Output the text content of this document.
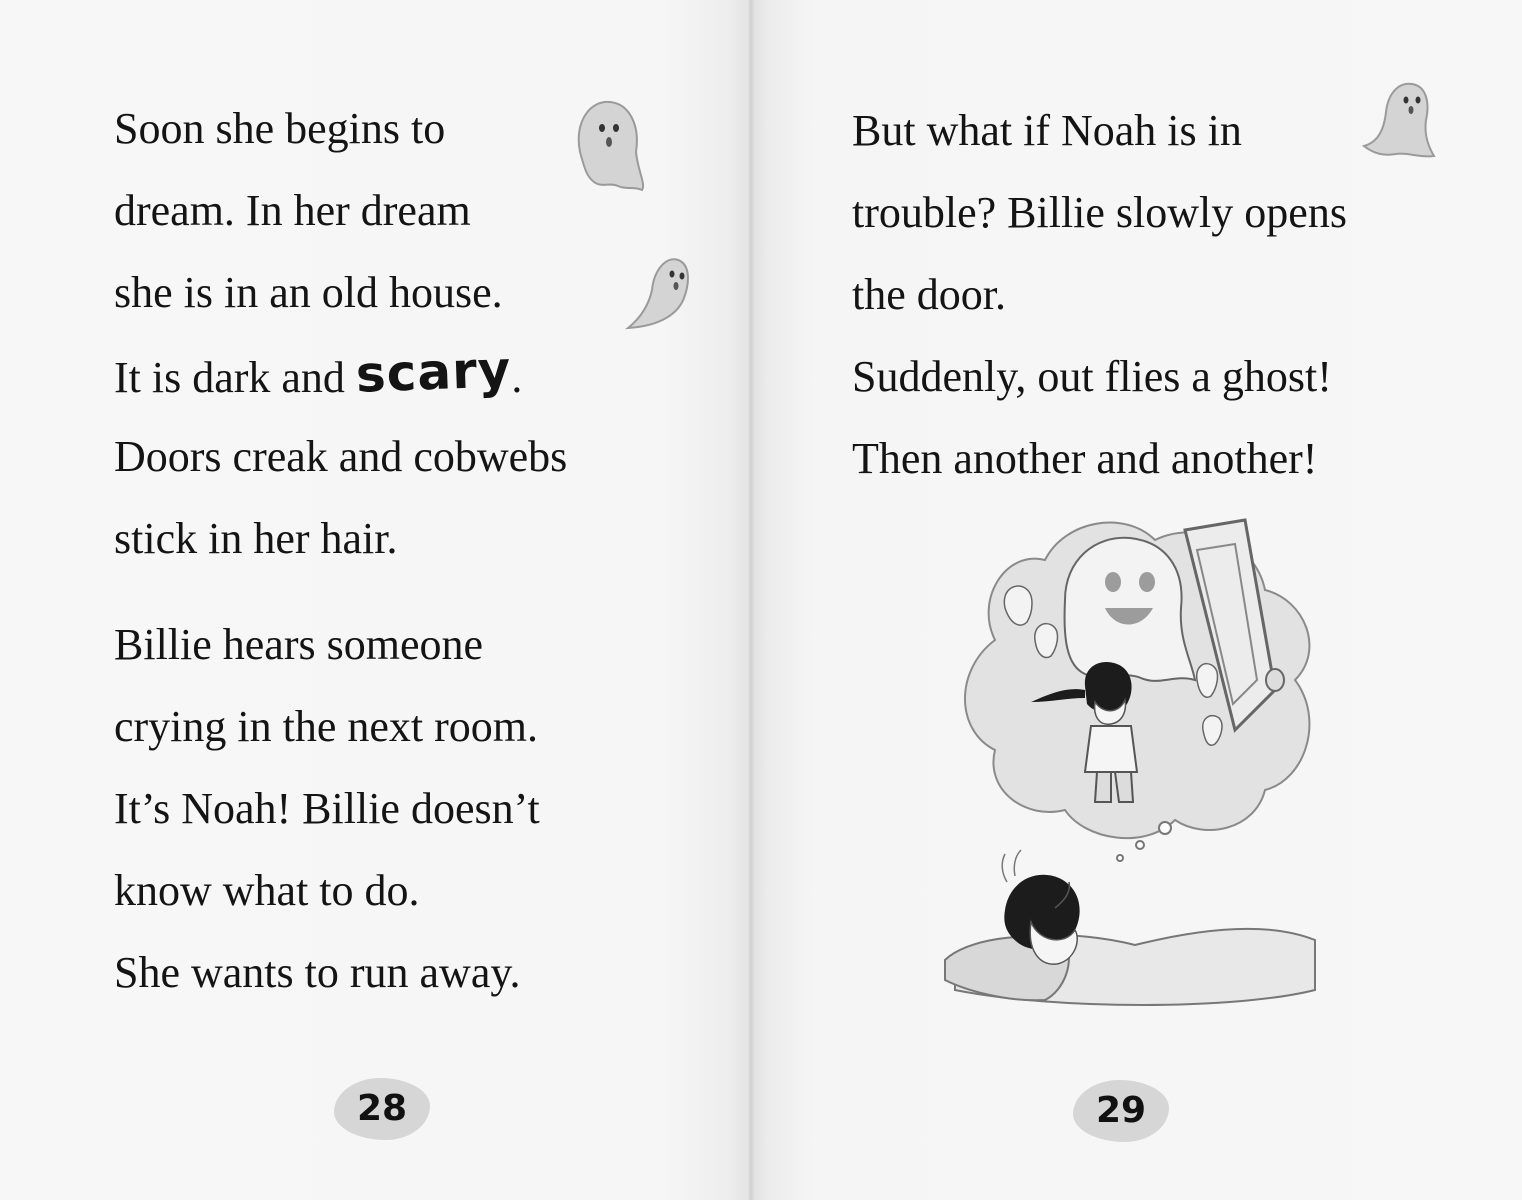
Soon she begins to
dream. In her dream
she is in an old house.
It is dark and scary.
Doors creak and cobwebs
stick in her hair.
Billie hears someone
crying in the next room.
It’s Noah! Billie doesn’t
know what to do.
She wants to run away.
But what if Noah is in
trouble? Billie slowly opens
the door.
Suddenly, out flies a ghost!
Then another and another!
28	29
